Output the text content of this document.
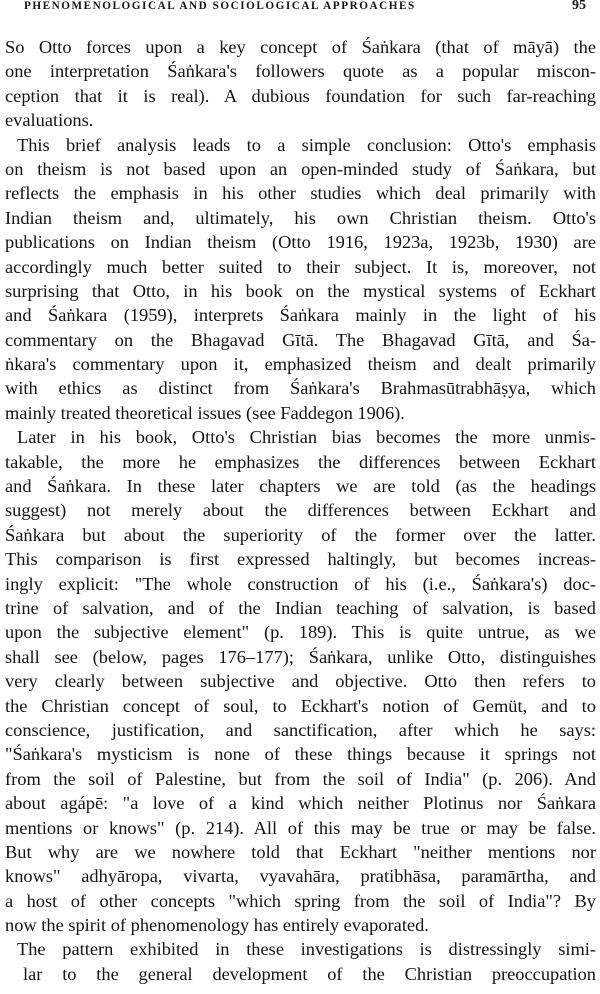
PHENOMENOLOGICAL AND SOCIOLOGICAL APPROACHES	95
So Otto forces upon a key concept of Śaṅkara (that of māyā) the
one interpretation Śaṅkara's followers quote as a popular miscon-
ception that it is real). A dubious foundation for such far-reaching
evaluations.
This brief analysis leads to a simple conclusion: Otto's emphasis
on theism is not based upon an open-minded study of Śaṅkara, but
reflects the emphasis in his other studies which deal primarily with
Indian theism and, ultimately, his own Christian theism. Otto's
publications on Indian theism (Otto 1916, 1923a, 1923b, 1930) are
accordingly much better suited to their subject. It is, moreover, not
surprising that Otto, in his book on the mystical systems of Eckhart
and Śaṅkara (1959), interprets Śaṅkara mainly in the light of his
commentary on the Bhagavad Gītā. The Bhagavad Gītā, and Śa-
ṅkara's commentary upon it, emphasized theism and dealt primarily
with ethics as distinct from Śaṅkara's Brahmasūtrabhāṣya, which
mainly treated theoretical issues (see Faddegon 1906).
Later in his book, Otto's Christian bias becomes the more unmis-
takable, the more he emphasizes the differences between Eckhart
and Śaṅkara. In these later chapters we are told (as the headings
suggest) not merely about the differences between Eckhart and
Śaṅkara but about the superiority of the former over the latter.
This comparison is first expressed haltingly, but becomes increas-
ingly explicit: "The whole construction of his (i.e., Śaṅkara's) doc-
trine of salvation, and of the Indian teaching of salvation, is based
upon the subjective element" (p. 189). This is quite untrue, as we
shall see (below, pages 176–177); Śaṅkara, unlike Otto, distinguishes
very clearly between subjective and objective. Otto then refers to
the Christian concept of soul, to Eckhart's notion of Gemüt, and to
conscience, justification, and sanctification, after which he says:
"Śaṅkara's mysticism is none of these things because it springs not
from the soil of Palestine, but from the soil of India" (p. 206). And
about agápē: "a love of a kind which neither Plotinus nor Śaṅkara
mentions or knows" (p. 214). All of this may be true or may be false.
But why are we nowhere told that Eckhart "neither mentions nor
knows" adhyāropa, vivarta, vyavahāra, pratibhāsa, paramārtha, and
a host of other concepts "which spring from the soil of India"? By
now the spirit of phenomenology has entirely evaporated.
The pattern exhibited in these investigations is distressingly simi-
lar to the general development of the Christian preoccupation
